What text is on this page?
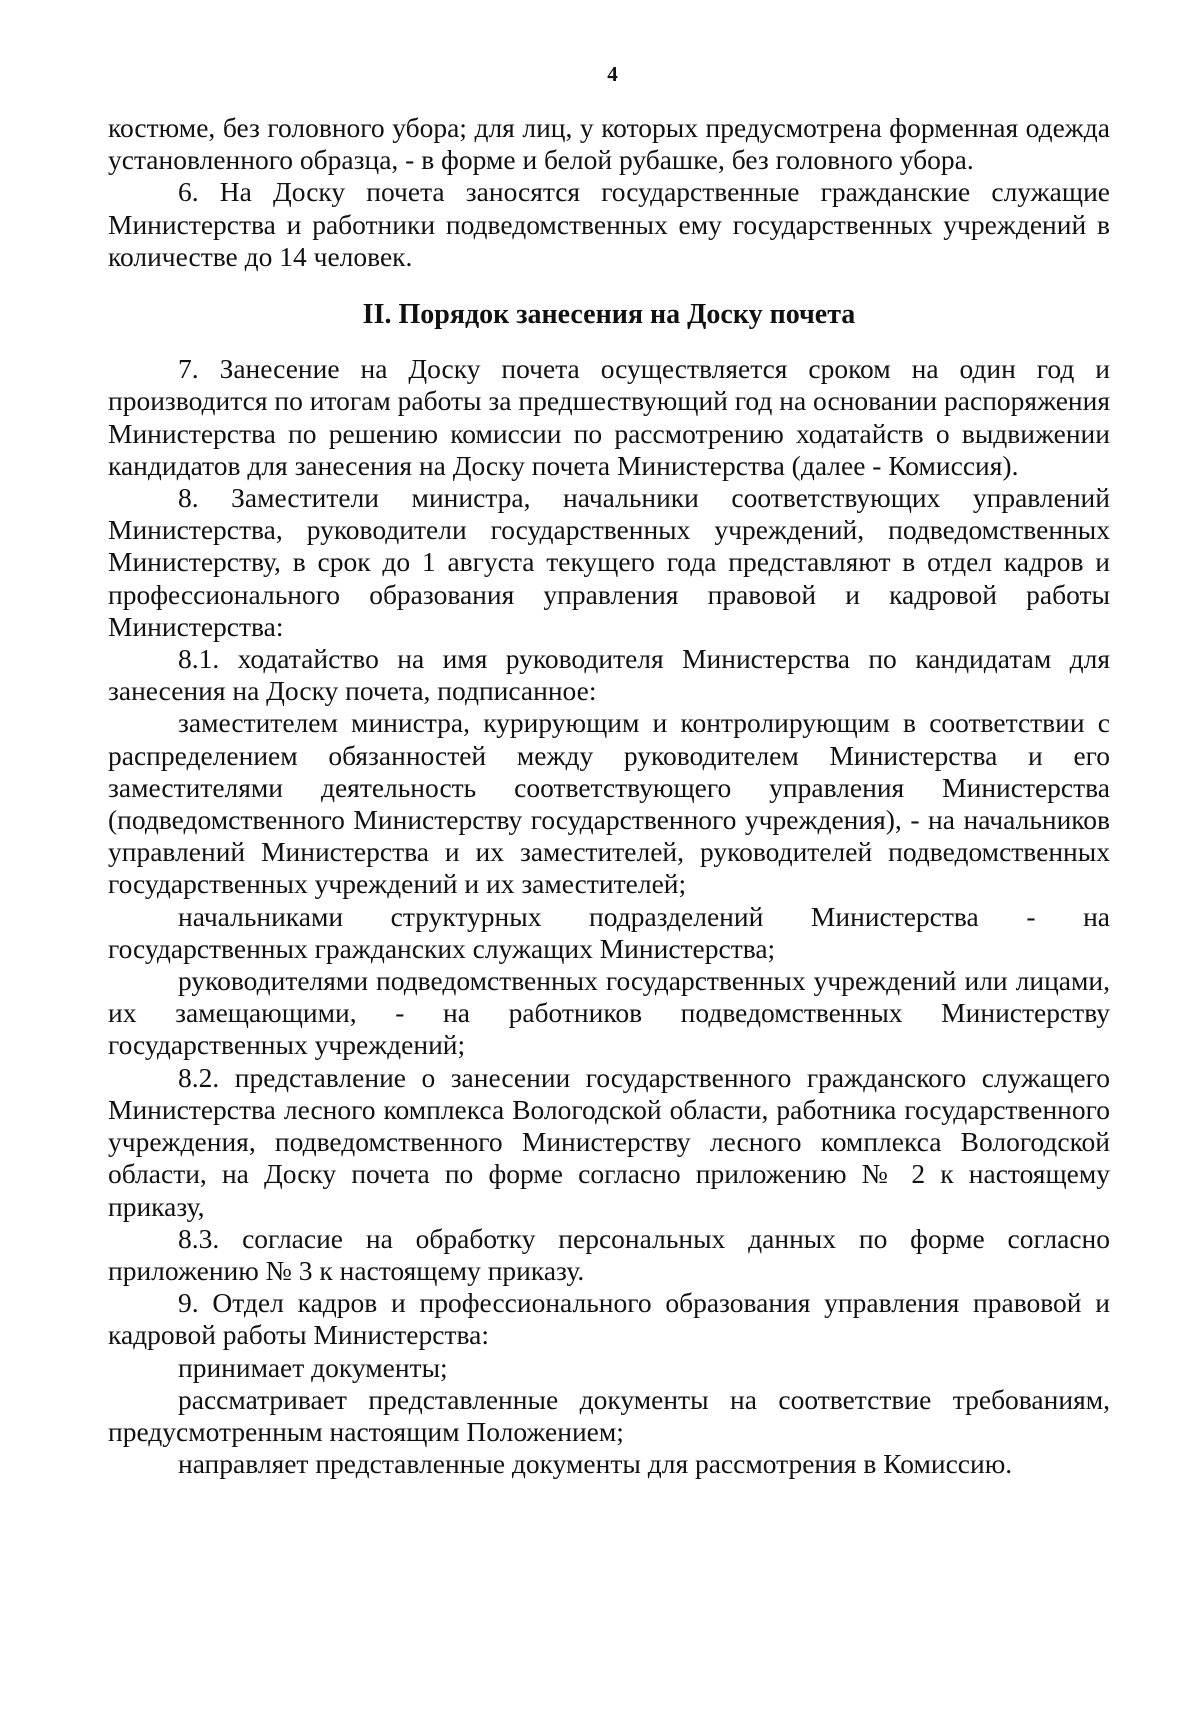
4

костюме, без головного убора; для лиц, у которых предусмотрена форменная одежда установленного образца, - в форме и белой рубашке, без головного убора.

6. На Доску почета заносятся государственные гражданские служащие Министерства и работники подведомственных ему государственных учреждений в количестве до 14 человек.

II. Порядок занесения на Доску почета

7. Занесение на Доску почета осуществляется сроком на один год и производится по итогам работы за предшествующий год на основании распоряжения Министерства по решению комиссии по рассмотрению ходатайств о выдвижении кандидатов для занесения на Доску почета Министерства (далее - Комиссия).

8. Заместители министра, начальники соответствующих управлений Министерства, руководители государственных учреждений, подведомственных Министерству, в срок до 1 августа текущего года представляют в отдел кадров и профессионального образования управления правовой и кадровой работы Министерства:

8.1. ходатайство на имя руководителя Министерства по кандидатам для занесения на Доску почета, подписанное:

заместителем министра, курирующим и контролирующим в соответствии с распределением обязанностей между руководителем Министерства и его заместителями деятельность соответствующего управления Министерства (подведомственного Министерству государственного учреждения), - на начальников управлений Министерства и их заместителей, руководителей подведомственных государственных учреждений и их заместителей;

начальниками структурных подразделений Министерства - на государственных гражданских служащих Министерства;

руководителями подведомственных государственных учреждений или лицами, их замещающими, - на работников подведомственных Министерству государственных учреждений;

8.2. представление о занесении государственного гражданского служащего Министерства лесного комплекса Вологодской области, работника государственного учреждения, подведомственного Министерству лесного комплекса Вологодской области, на Доску почета по форме согласно приложению № 2 к настоящему приказу,

8.3. согласие на обработку персональных данных по форме согласно приложению № 3 к настоящему приказу.

9. Отдел кадров и профессионального образования управления правовой и кадровой работы Министерства:

принимает документы;

рассматривает представленные документы на соответствие требованиям, предусмотренным настоящим Положением;

направляет представленные документы для рассмотрения в Комиссию.
